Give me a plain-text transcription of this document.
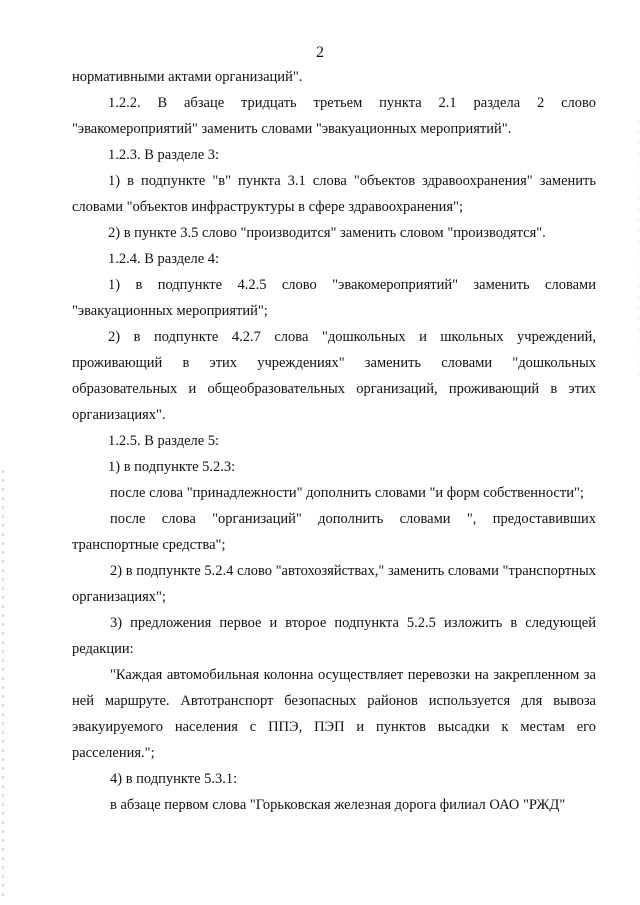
2

нормативными актами организаций".

1.2.2. В абзаце тридцать третьем пункта 2.1 раздела 2 слово "эвакомероприятий" заменить словами "эвакуационных мероприятий".

1.2.3. В разделе 3:

1) в подпункте "в" пункта 3.1 слова "объектов здравоохранения" заменить словами "объектов инфраструктуры в сфере здравоохранения";

2) в пункте 3.5 слово "производится" заменить словом "производятся".

1.2.4. В разделе 4:

1) в подпункте 4.2.5 слово "эвакомероприятий" заменить словами "эвакуационных мероприятий";

2) в подпункте 4.2.7 слова "дошкольных и школьных учреждений, проживающий в этих учреждениях" заменить словами "дошкольных образовательных и общеобразовательных организаций, проживающий в этих организациях".

1.2.5. В разделе 5:

1) в подпункте 5.2.3:

после слова "принадлежности" дополнить словами "и форм собственности";

после слова "организаций" дополнить словами ", предоставивших транспортные средства";

2) в подпункте 5.2.4 слово "автохозяйствах," заменить словами "транспортных организациях";

3) предложения первое и второе подпункта 5.2.5 изложить в следующей редакции:

"Каждая автомобильная колонна осуществляет перевозки на закрепленном за ней маршруте. Автотранспорт безопасных районов используется для вывоза эвакуируемого населения с ППЭ, ПЭП и пунктов высадки к местам его расселения.";

4) в подпункте 5.3.1:

в абзаце первом слова "Горьковская железная дорога филиал ОАО "РЖД"
